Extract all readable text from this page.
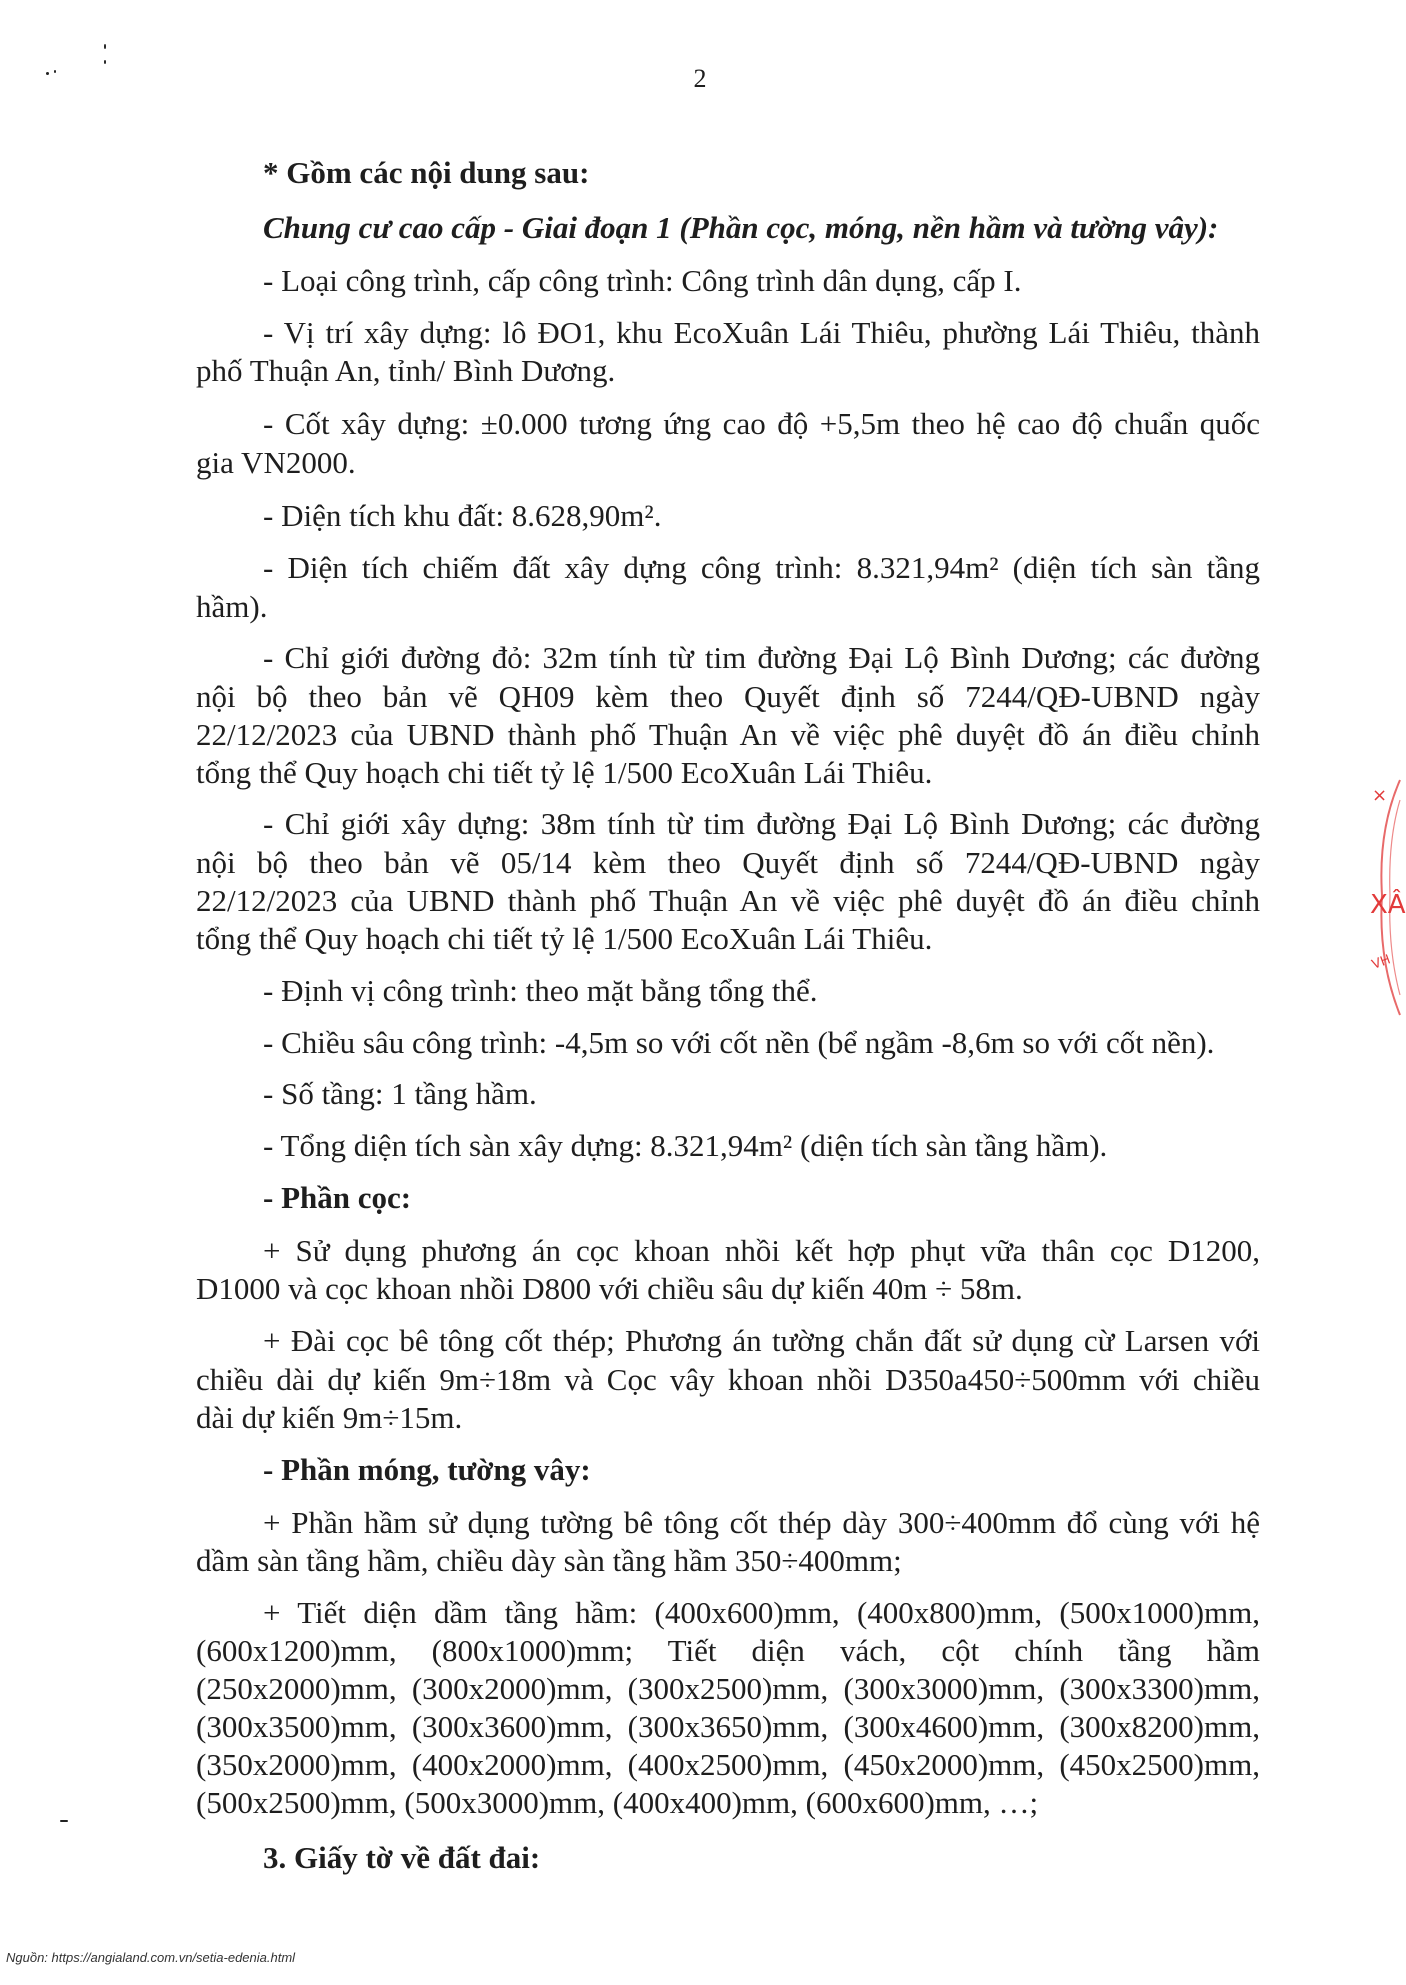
2
* Gồm các nội dung sau:
Chung cư cao cấp - Giai đoạn 1 (Phần cọc, móng, nền hầm và tường vây):
- Loại công trình, cấp công trình: Công trình dân dụng, cấp I.
- Vị trí xây dựng: lô ĐO1, khu EcoXuân Lái Thiêu, phường Lái Thiêu, thành
phố Thuận An, tỉnh/ Bình Dương.
- Cốt xây dựng: ±0.000 tương ứng cao độ +5,5m theo hệ cao độ chuẩn quốc
gia VN2000.
- Diện tích khu đất: 8.628,90m².
- Diện tích chiếm đất xây dựng công trình: 8.321,94m² (diện tích sàn tầng
hầm).
- Chỉ giới đường đỏ: 32m tính từ tim đường Đại Lộ Bình Dương; các đường
nội bộ theo bản vẽ QH09 kèm theo Quyết định số 7244/QĐ-UBND ngày
22/12/2023 của UBND thành phố Thuận An về việc phê duyệt đồ án điều chỉnh
tổng thể Quy hoạch chi tiết tỷ lệ 1/500 EcoXuân Lái Thiêu.
- Chỉ giới xây dựng: 38m tính từ tim đường Đại Lộ Bình Dương; các đường
nội bộ theo bản vẽ 05/14 kèm theo Quyết định số 7244/QĐ-UBND ngày
22/12/2023 của UBND thành phố Thuận An về việc phê duyệt đồ án điều chỉnh
tổng thể Quy hoạch chi tiết tỷ lệ 1/500 EcoXuân Lái Thiêu.
- Định vị công trình: theo mặt bằng tổng thể.
- Chiều sâu công trình: -4,5m so với cốt nền (bể ngầm -8,6m so với cốt nền).
- Số tầng: 1 tầng hầm.
- Tổng diện tích sàn xây dựng: 8.321,94m² (diện tích sàn tầng hầm).
- Phần cọc:
+ Sử dụng phương án cọc khoan nhồi kết hợp phụt vữa thân cọc D1200,
D1000 và cọc khoan nhồi D800 với chiều sâu dự kiến 40m ÷ 58m.
+ Đài cọc bê tông cốt thép; Phương án tường chắn đất sử dụng cừ Larsen với
chiều dài dự kiến 9m÷18m và Cọc vây khoan nhồi D350a450÷500mm với chiều
dài dự kiến 9m÷15m.
- Phần móng, tường vây:
+ Phần hầm sử dụng tường bê tông cốt thép dày 300÷400mm đổ cùng với hệ
dầm sàn tầng hầm, chiều dày sàn tầng hầm 350÷400mm;
+ Tiết diện dầm tầng hầm: (400x600)mm, (400x800)mm, (500x1000)mm,
(600x1200)mm, (800x1000)mm; Tiết diện vách, cột chính tầng hầm
(250x2000)mm, (300x2000)mm, (300x2500)mm, (300x3000)mm, (300x3300)mm,
(300x3500)mm, (300x3600)mm, (300x3650)mm, (300x4600)mm, (300x8200)mm,
(350x2000)mm, (400x2000)mm, (400x2500)mm, (450x2000)mm, (450x2500)mm,
(500x2500)mm, (500x3000)mm, (400x400)mm, (600x600)mm, …;
3. Giấy tờ về đất đai:
×
XÂ
VH
Nguồn: https://angialand.com.vn/setia-edenia.html
